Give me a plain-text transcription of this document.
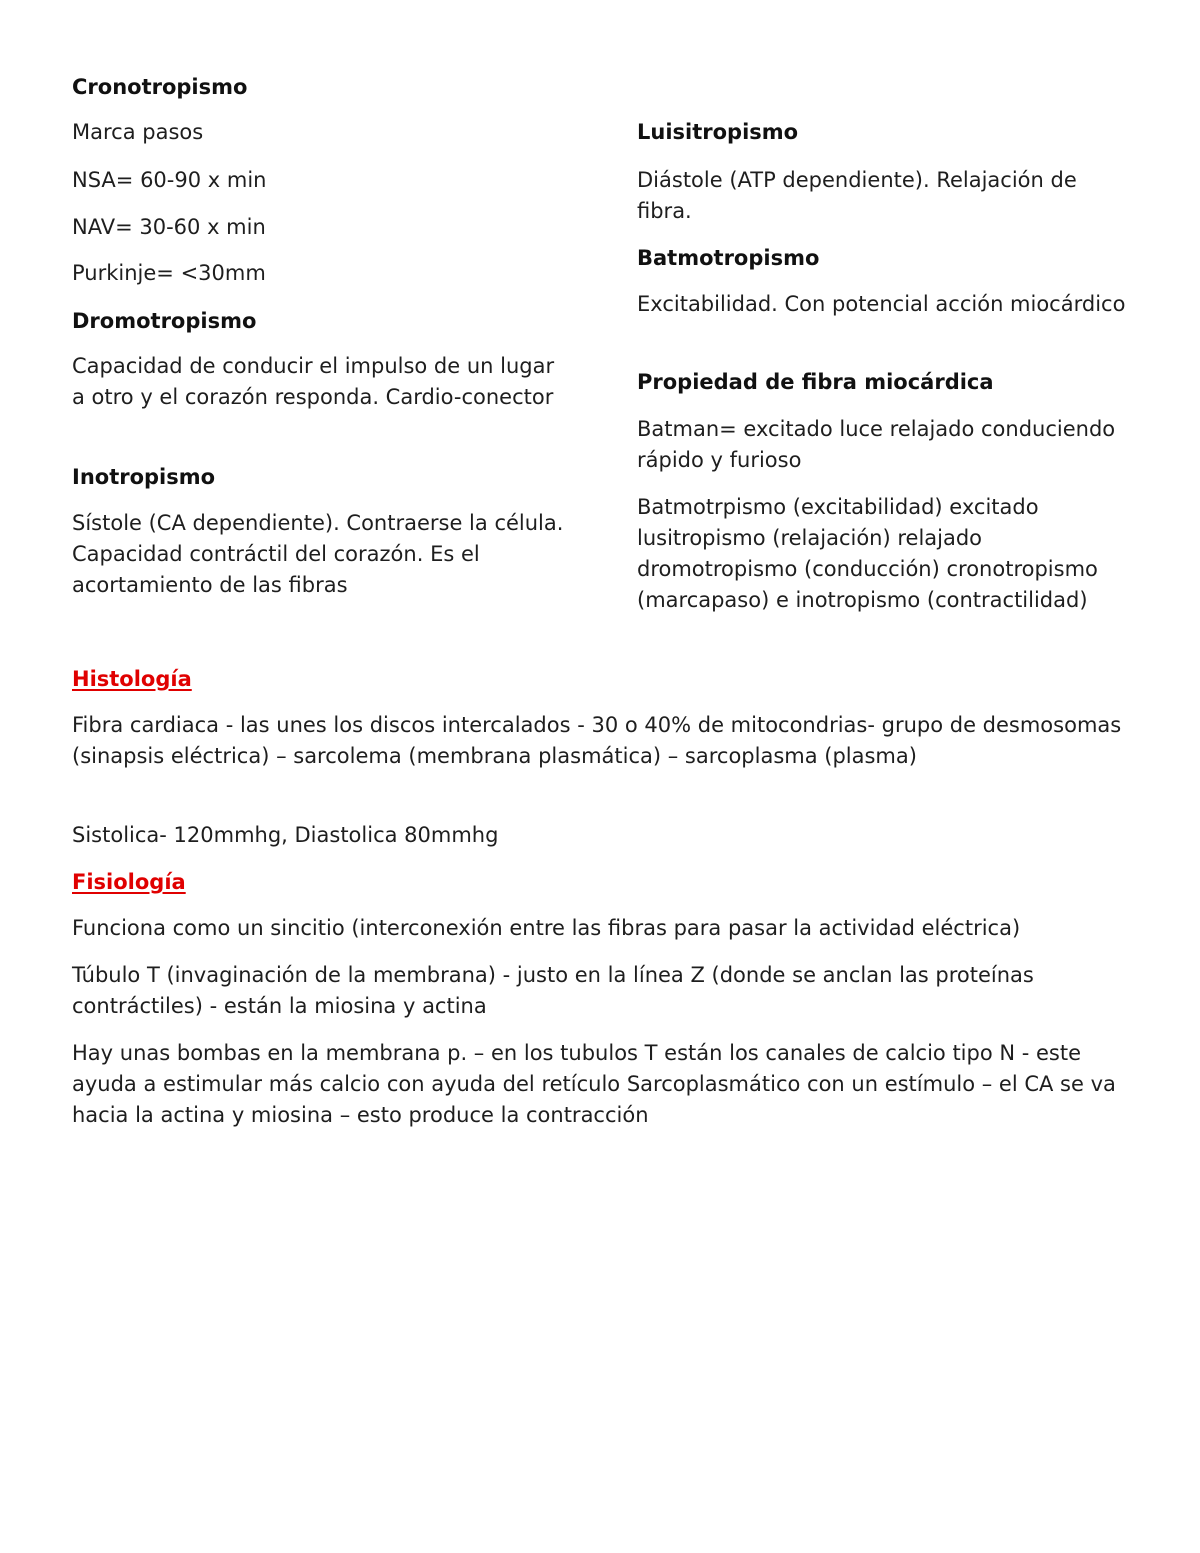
Cronotropismo
Marca pasos
NSA= 60-90 x min
NAV= 30-60 x min
Purkinje= <30mm
Dromotropismo
Capacidad de conducir el impulso de un lugar a otro y el corazón responda. Cardio-conector
Inotropismo
Sístole (CA dependiente). Contraerse la célula. Capacidad contráctil del corazón. Es el acortamiento de las fibras
Luisitropismo
Diástole (ATP dependiente). Relajación de fibra.
Batmotropismo
Excitabilidad. Con potencial acción miocárdico
Propiedad de fibra miocárdica
Batman= excitado luce relajado conduciendo rápido y furioso
Batmotrpismo (excitabilidad) excitado lusitropismo (relajación) relajado dromotropismo (conducción) cronotropismo (marcapaso) e inotropismo (contractilidad)
Histología
Fibra cardiaca - las unes los discos intercalados - 30 o 40% de mitocondrias- grupo de desmosomas (sinapsis eléctrica) – sarcolema (membrana plasmática) – sarcoplasma (plasma)
Sistolica- 120mmhg, Diastolica 80mmhg
Fisiología
Funciona como un sincitio (interconexión entre las fibras para pasar la actividad eléctrica)
Túbulo T (invaginación de la membrana) - justo en la línea Z (donde se anclan las proteínas contráctiles) - están la miosina y actina
Hay unas bombas en la membrana p. – en los tubulos T están los canales de calcio tipo N - este ayuda a estimular más calcio con ayuda del retículo Sarcoplasmático con un estímulo – el CA se va hacia la actina y miosina – esto produce la contracción
